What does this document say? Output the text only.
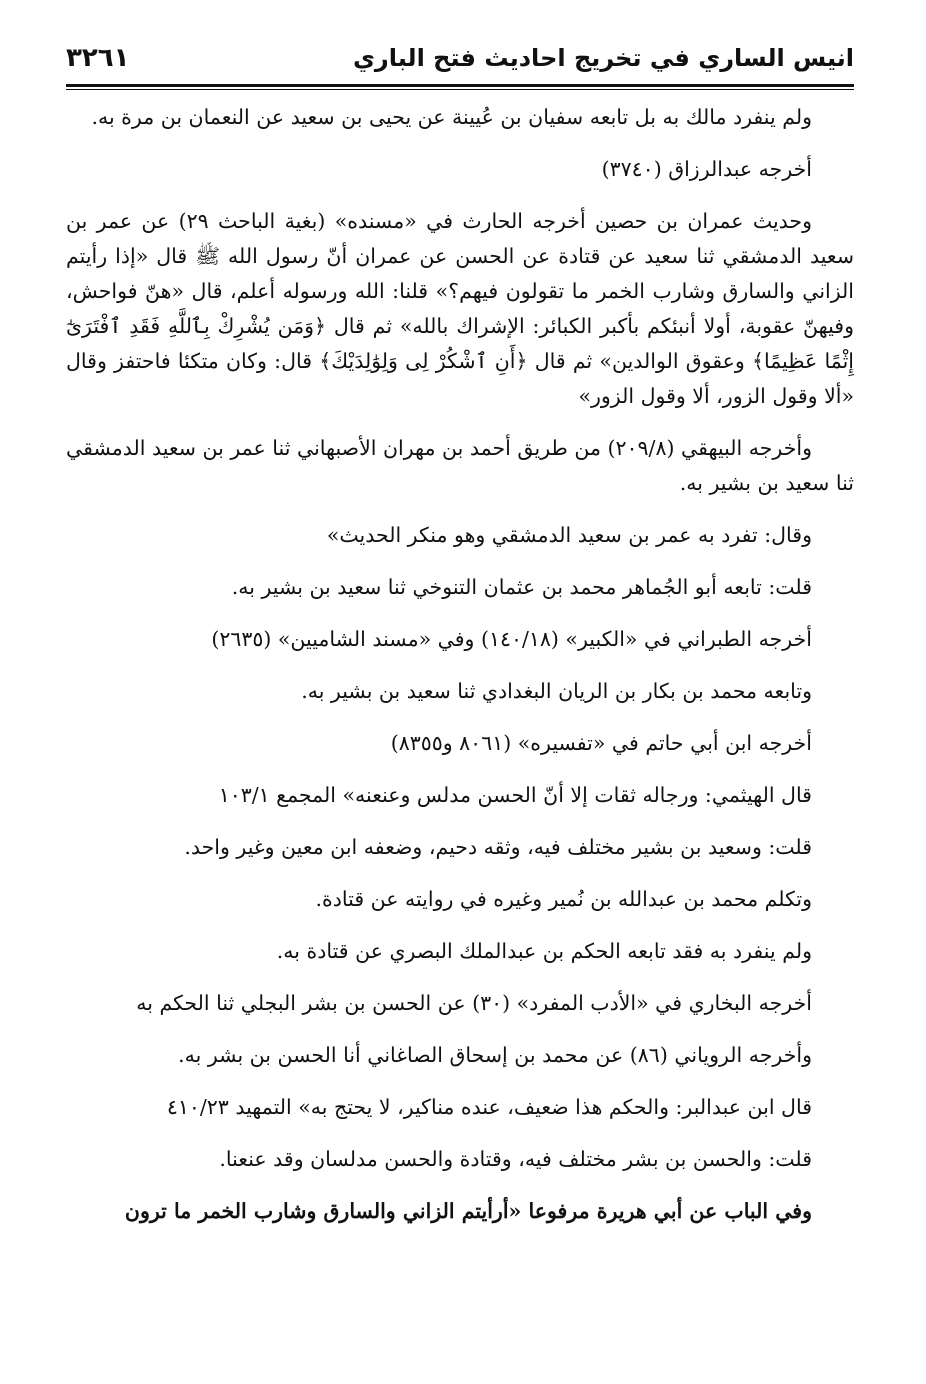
انيس الساري في تخريج احاديث فتح الباري
٣٢٦١

ولم ينفرد مالك به بل تابعه سفيان بن عُيينة عن يحيى بن سعيد عن النعمان بن مرة به.

أخرجه عبدالرزاق (٣٧٤٠)

وحديث عمران بن حصين أخرجه الحارث في «مسنده» (بغية الباحث ٢٩) عن عمر بن سعيد الدمشقي ثنا سعيد عن قتادة عن الحسن عن عمران أنّ رسول الله ﷺ قال «إذا رأيتم الزاني والسارق وشارب الخمر ما تقولون فيهم؟» قلنا: الله ورسوله أعلم، قال «هنّ فواحش، وفيهنّ عقوبة، أولا أنبئكم بأكبر الكبائر: الإشراك بالله» ثم قال ﴿وَمَن يُشْرِكْ بِٱللَّهِ فَقَدِ ٱفْتَرَىٰٓ إِثْمًا عَظِيمًا﴾ وعقوق الوالدين» ثم قال ﴿أَنِ ٱشْكُرْ لِى وَلِوَٰلِدَيْكَ﴾ قال: وكان متكئا فاحتفز وقال «ألا وقول الزور، ألا وقول الزور»

وأخرجه البيهقي (٢٠٩/٨) من طريق أحمد بن مهران الأصبهاني ثنا عمر بن سعيد الدمشقي ثنا سعيد بن بشير به.

وقال: تفرد به عمر بن سعيد الدمشقي وهو منكر الحديث»

قلت: تابعه أبو الجُماهر محمد بن عثمان التنوخي ثنا سعيد بن بشير به.

أخرجه الطبراني في «الكبير» (١٤٠/١٨) وفي «مسند الشاميين» (٢٦٣٥)

وتابعه محمد بن بكار بن الريان البغدادي ثنا سعيد بن بشير به.

أخرجه ابن أبي حاتم في «تفسيره» (٨٠٦١ و٨٣٥٥)

قال الهيثمي: ورجاله ثقات إلا أنّ الحسن مدلس وعنعنه» المجمع ١٠٣/١

قلت: وسعيد بن بشير مختلف فيه، وثقه دحيم، وضعفه ابن معين وغير واحد.

وتكلم محمد بن عبدالله بن نُمير وغيره في روايته عن قتادة.

ولم ينفرد به فقد تابعه الحكم بن عبدالملك البصري عن قتادة به.

أخرجه البخاري في «الأدب المفرد» (٣٠) عن الحسن بن بشر البجلي ثنا الحكم به

وأخرجه الروياني (٨٦) عن محمد بن إسحاق الصاغاني أنا الحسن بن بشر به.

قال ابن عبدالبر: والحكم هذا ضعيف، عنده مناكير، لا يحتج به» التمهيد ٤١٠/٢٣

قلت: والحسن بن بشر مختلف فيه، وقتادة والحسن مدلسان وقد عنعنا.

وفي الباب عن أبي هريرة مرفوعا «أرأيتم الزاني والسارق وشارب الخمر ما ترون
